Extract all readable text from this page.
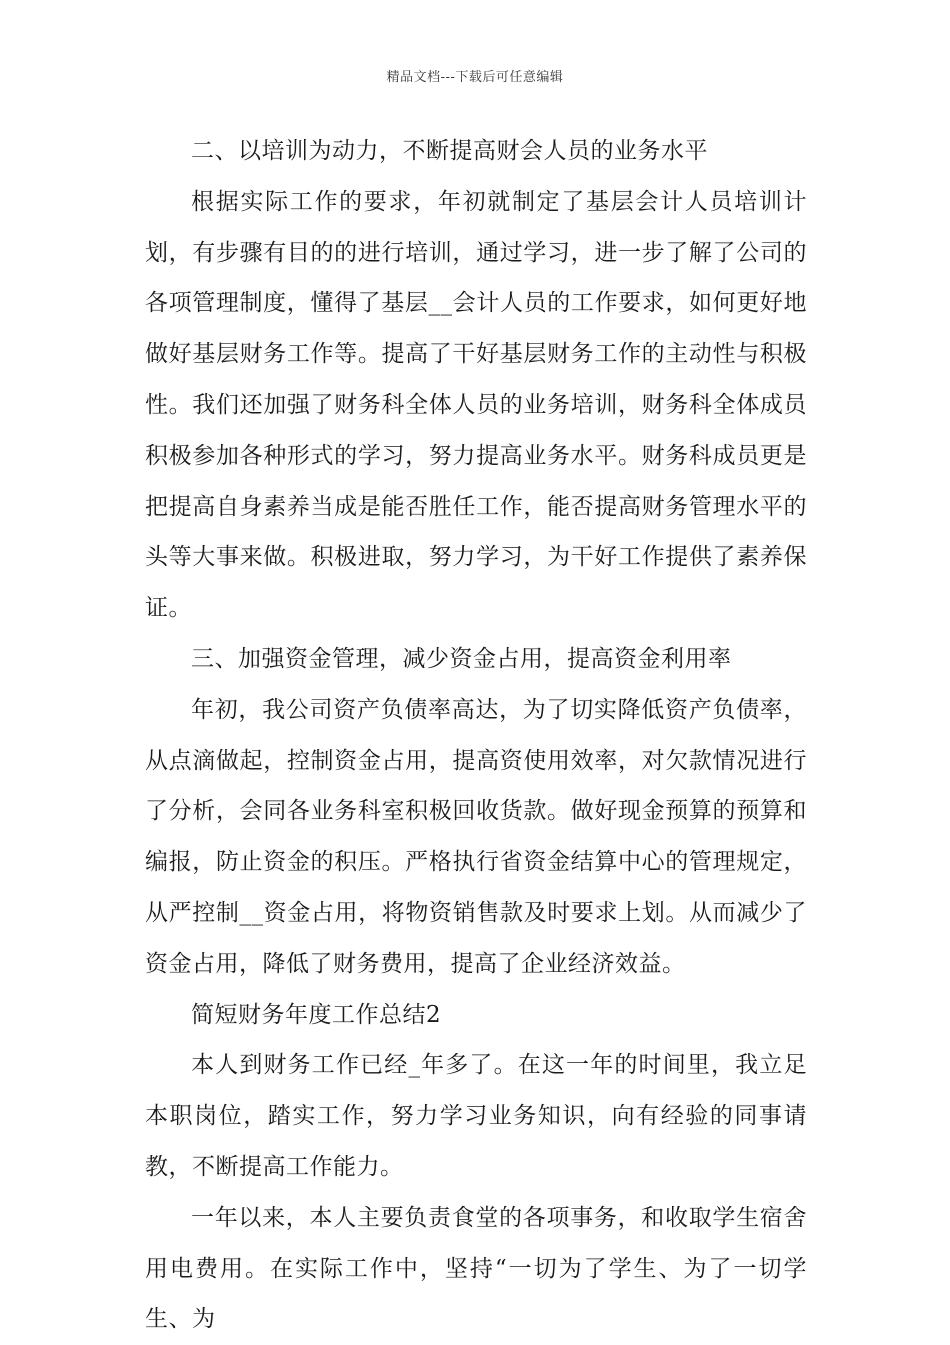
精品文档---下载后可任意编辑

二、以培训为动力，不断提高财会人员的业务水平

根据实际工作的要求，年初就制定了基层会计人员培训计划，有步骤有目的的进行培训，通过学习，进一步了解了公司的各项管理制度，懂得了基层__会计人员的工作要求，如何更好地做好基层财务工作等。提高了干好基层财务工作的主动性与积极性。我们还加强了财务科全体人员的业务培训，财务科全体成员积极参加各种形式的学习，努力提高业务水平。财务科成员更是把提高自身素养当成是能否胜任工作，能否提高财务管理水平的头等大事来做。积极进取，努力学习，为干好工作提供了素养保证。

三、加强资金管理，减少资金占用，提高资金利用率

年初，我公司资产负债率高达，为了切实降低资产负债率，从点滴做起，控制资金占用，提高资使用效率，对欠款情况进行了分析，会同各业务科室积极回收货款。做好现金预算的预算和编报，防止资金的积压。严格执行省资金结算中心的管理规定，从严控制__资金占用，将物资销售款及时要求上划。从而减少了资金占用，降低了财务费用，提高了企业经济效益。

简短财务年度工作总结2

本人到财务工作已经_年多了。在这一年的时间里，我立足本职岗位，踏实工作，努力学习业务知识，向有经验的同事请教，不断提高工作能力。

一年以来，本人主要负责食堂的各项事务，和收取学生宿舍用电费用。在实际工作中，坚持“一切为了学生、为了一切学生、为
